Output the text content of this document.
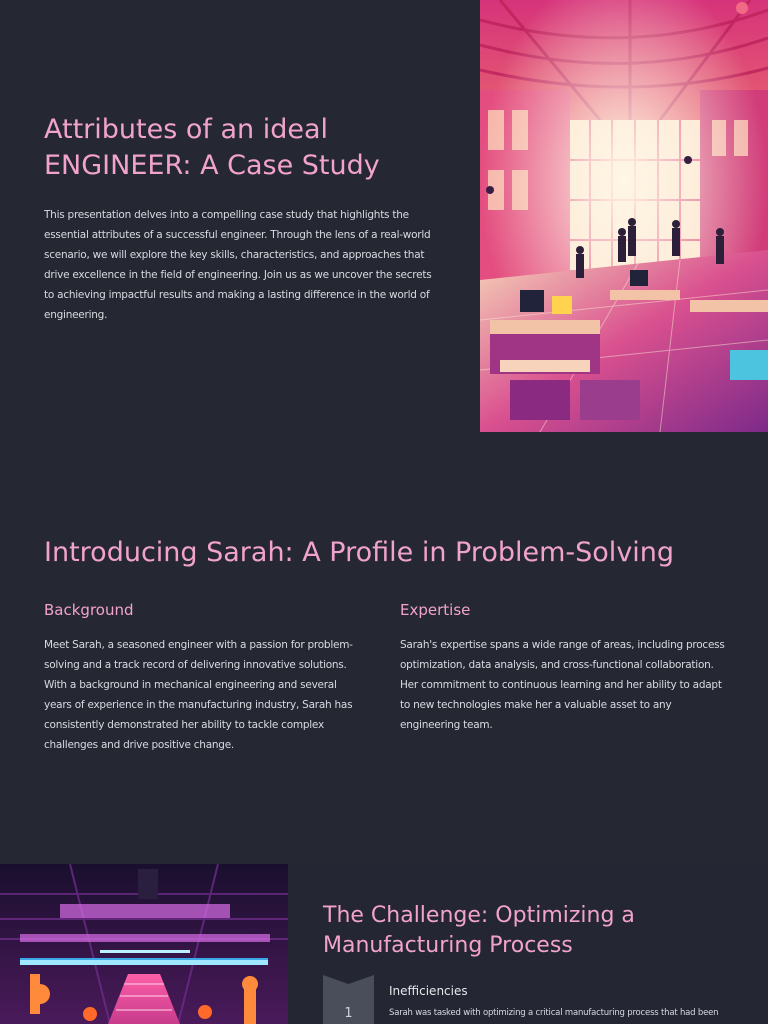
Attributes of an ideal ENGINEER: A Case Study

This presentation delves into a compelling case study that highlights the essential attributes of a successful engineer. Through the lens of a real-world scenario, we will explore the key skills, characteristics, and approaches that drive excellence in the field of engineering. Join us as we uncover the secrets to achieving impactful results and making a lasting difference in the world of engineering.

Introducing Sarah: A Profile in Problem-Solving
Background

Meet Sarah, a seasoned engineer with a passion for problem-solving and a track record of delivering innovative solutions. With a background in mechanical engineering and several years of experience in the manufacturing industry, Sarah has consistently demonstrated her ability to tackle complex challenges and drive positive change.

Expertise

Sarah's expertise spans a wide range of areas, including process optimization, data analysis, and cross-functional collaboration. Her commitment to continuous learning and her ability to adapt to new technologies make her a valuable asset to any engineering team.

The Challenge: Optimizing a Manufacturing Process
1
Inefficiencies

Sarah was tasked with optimizing a critical manufacturing process that had been
